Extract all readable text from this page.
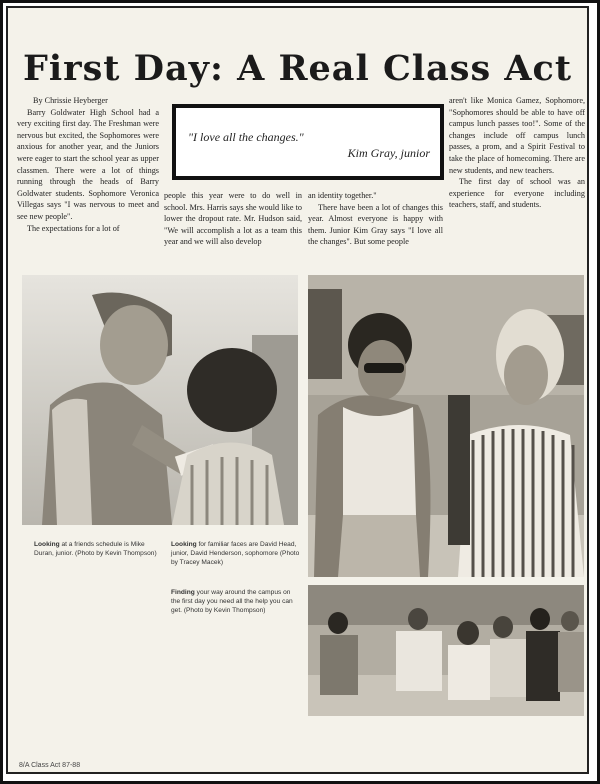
First Day: A Real Class Act

By Chrissie Heyberger

Barry Goldwater High School had a very exciting first day. The Freshman were nervous but excited, the Sophomores were anxious for another year, and the Juniors were eager to start the school year as upper classmen. There were a lot of things running through the heads of Barry Goldwater students. Sophomore Veronica Villegas says "I was nervous to meet and see new people".

The expectations for a lot of

"I love all the changes."
Kim Gray, junior

people this year were to do well in school. Mrs. Harris says she would like to lower the dropout rate. Mr. Hudson said, "We will accomplish a lot as a team this year and we will also develop

an identity together."

There have been a lot of changes this year. Almost everyone is happy with them. Junior Kim Gray says "I love all the changes". But some people

aren't like Monica Gamez, Sophomore, "Sophomores should be able to have off campus lunch passes too!". Some of the changes include off campus lunch passes, a prom, and a Spirit Festival to take the place of homecoming. There are new students, and new teachers.

The first day of school was an experience for everyone including teachers, staff, and students.

Looking at a friends schedule is Mike Duran, junior. (Photo by Kevin Thompson)
Looking for familiar faces are David Head, junior, David Henderson, sophomore (Photo by Tracey Macek)
Finding your way around the campus on the first day you need all the help you can get. (Photo by Kevin Thompson)
8/A Class Act 87-88
